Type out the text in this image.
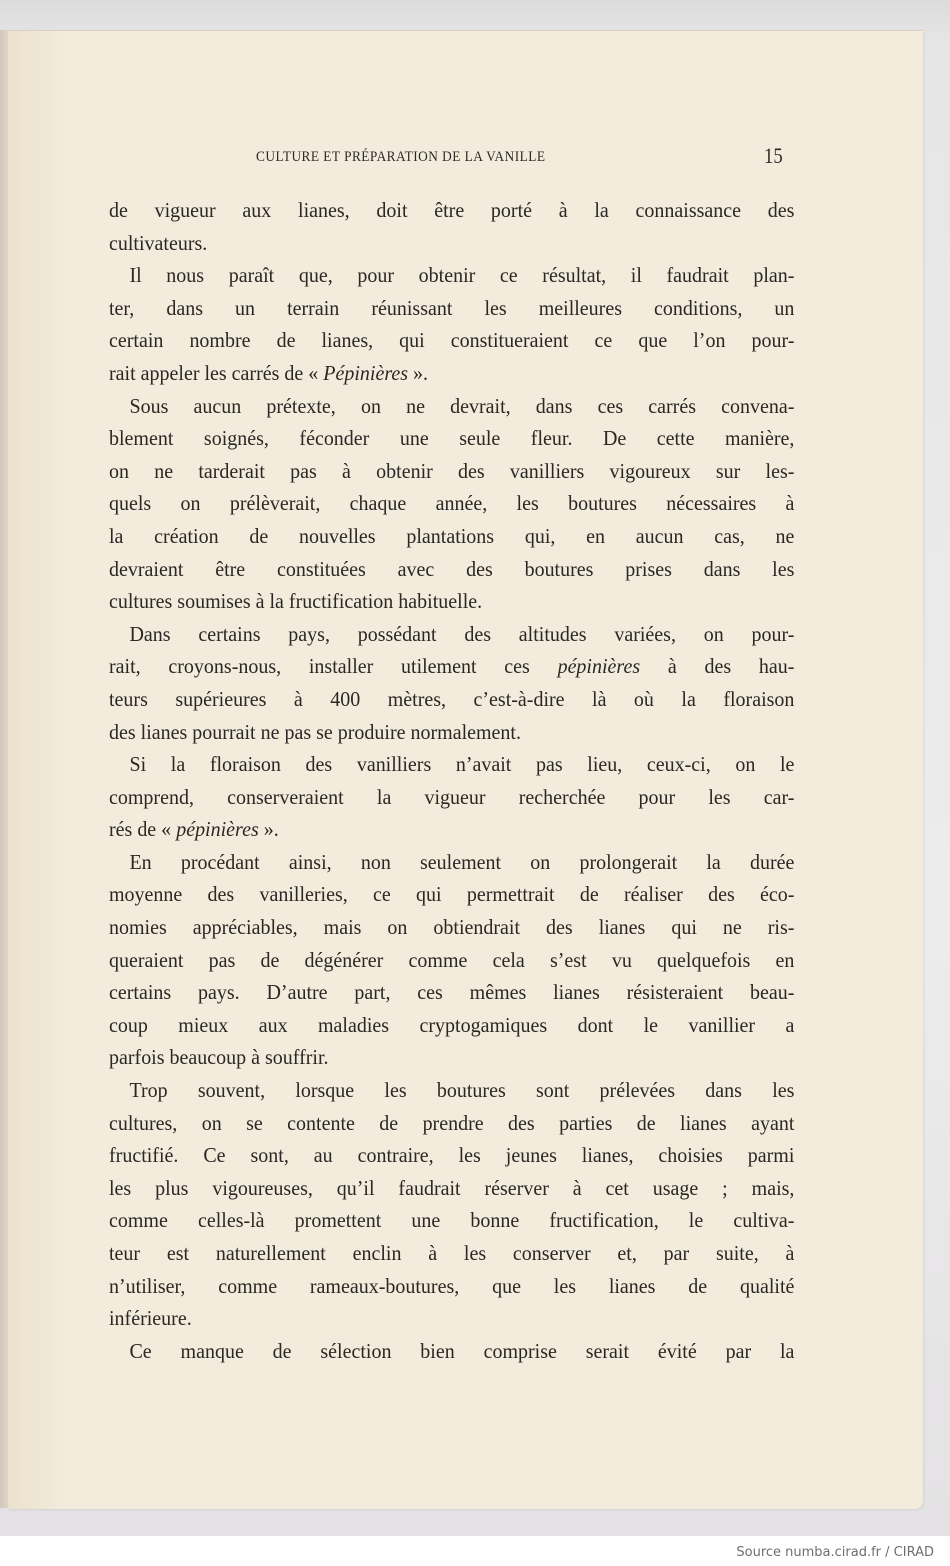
CULTURE ET PRÉPARATION DE LA VANILLE	15
de vigueur aux lianes, doit être porté à la connaissance des
cultivateurs.
Il nous paraît que, pour obtenir ce résultat, il faudrait plan-
ter, dans un terrain réunissant les meilleures conditions, un
certain nombre de lianes, qui constitueraient ce que l’on pour-
rait appeler les carrés de « Pépinières ».
Sous aucun prétexte, on ne devrait, dans ces carrés convena-
blement soignés, féconder une seule fleur. De cette manière,
on ne tarderait pas à obtenir des vanilliers vigoureux sur les-
quels on prélèverait, chaque année, les boutures nécessaires à
la création de nouvelles plantations qui, en aucun cas, ne
devraient être constituées avec des boutures prises dans les
cultures soumises à la fructification habituelle.
Dans certains pays, possédant des altitudes variées, on pour-
rait, croyons-nous, installer utilement ces pépinières à des hau-
teurs supérieures à 400 mètres, c’est-à-dire là où la floraison
des lianes pourrait ne pas se produire normalement.
Si la floraison des vanilliers n’avait pas lieu, ceux-ci, on le
comprend, conserveraient la vigueur recherchée pour les car-
rés de « pépinières ».
En procédant ainsi, non seulement on prolongerait la durée
moyenne des vanilleries, ce qui permettrait de réaliser des éco-
nomies appréciables, mais on obtiendrait des lianes qui ne ris-
queraient pas de dégénérer comme cela s’est vu quelquefois en
certains pays. D’autre part, ces mêmes lianes résisteraient beau-
coup mieux aux maladies cryptogamiques dont le vanillier a
parfois beaucoup à souffrir.
Trop souvent, lorsque les boutures sont prélevées dans les
cultures, on se contente de prendre des parties de lianes ayant
fructifié. Ce sont, au contraire, les jeunes lianes, choisies parmi
les plus vigoureuses, qu’il faudrait réserver à cet usage ; mais,
comme celles-là promettent une bonne fructification, le cultiva-
teur est naturellement enclin à les conserver et, par suite, à
n’utiliser, comme rameaux-boutures, que les lianes de qualité
inférieure.
Ce manque de sélection bien comprise serait évité par la
Source numba.cirad.fr / CIRAD
